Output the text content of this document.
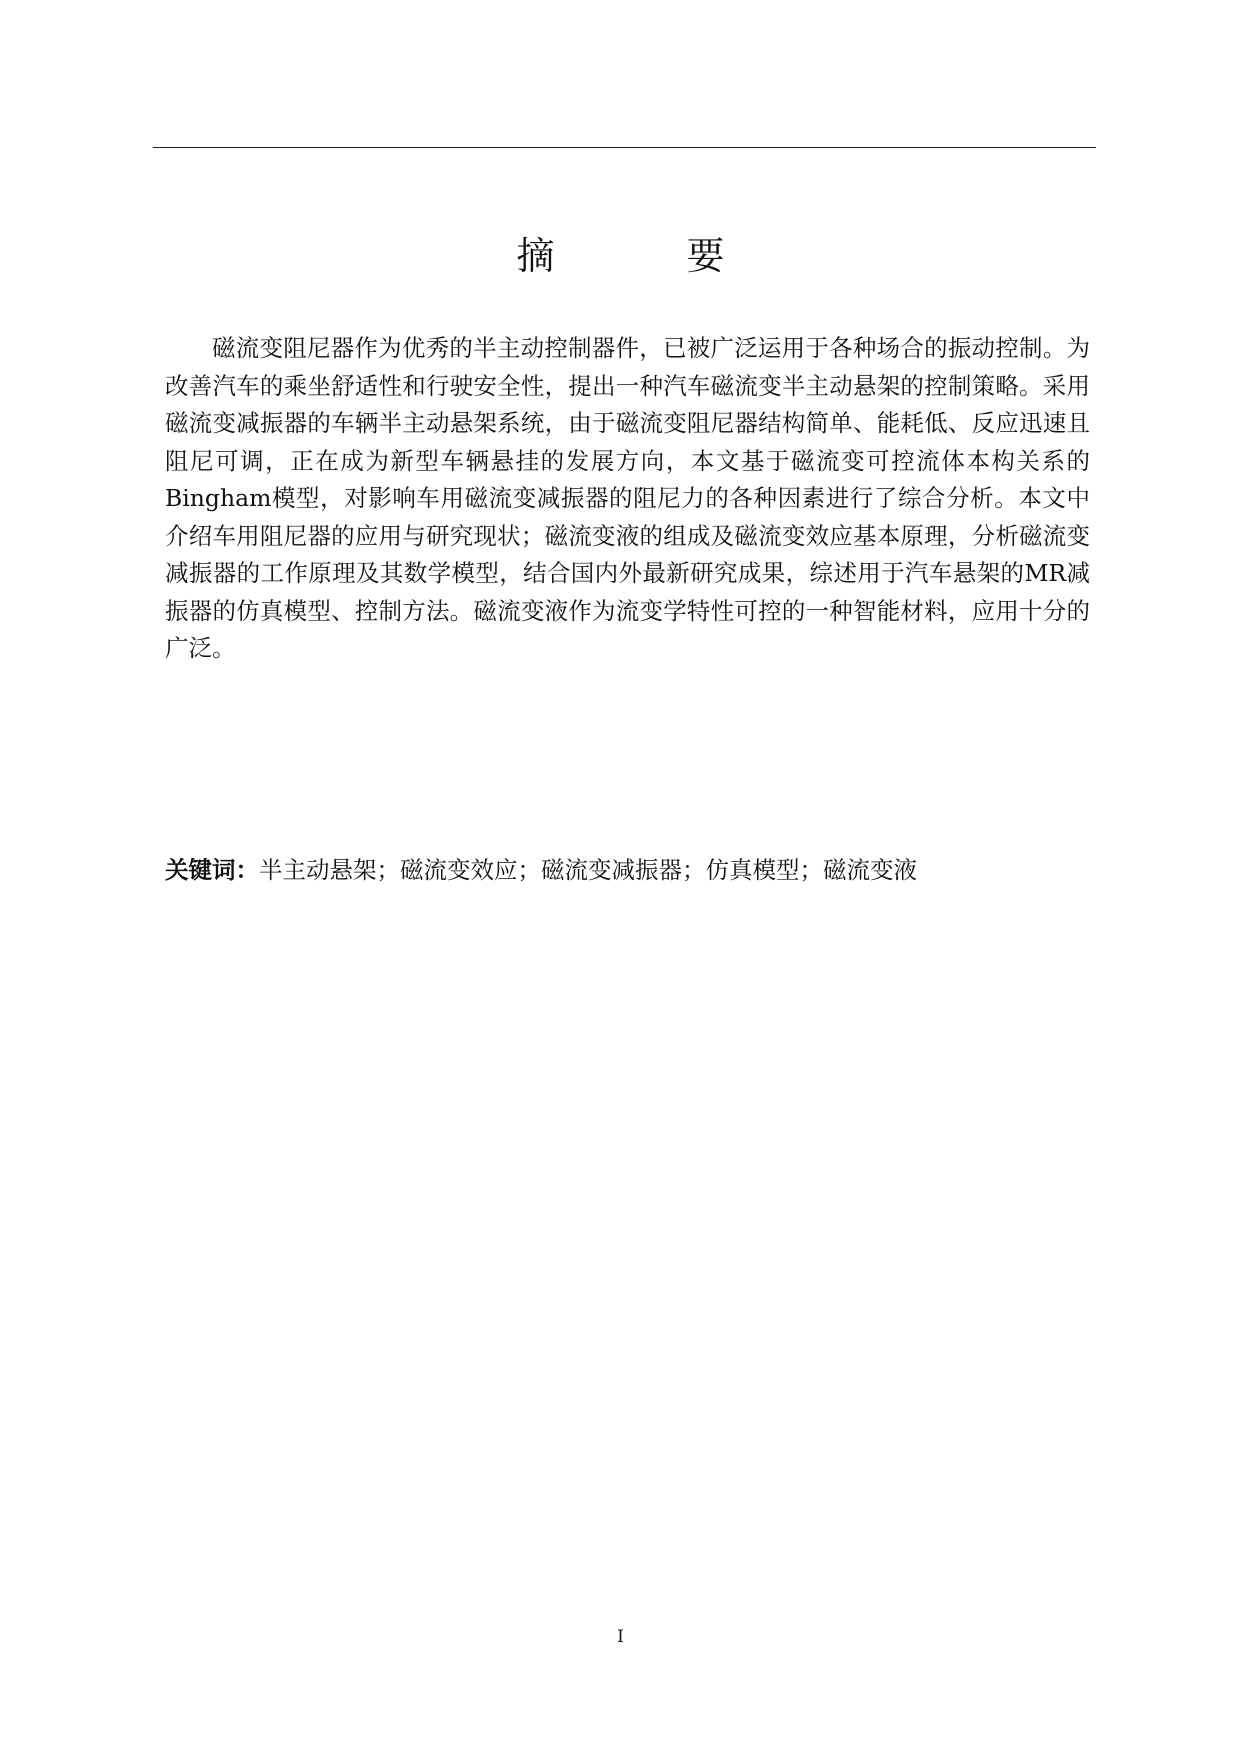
摘 要

磁流变阻尼器作为优秀的半主动控制器件，已被广泛运用于各种场合的振动控制。为改善汽车的乘坐舒适性和行驶安全性，提出一种汽车磁流变半主动悬架的控制策略。采用磁流变减振器的车辆半主动悬架系统，由于磁流变阻尼器结构简单、能耗低、反应迅速且阻尼可调，正在成为新型车辆悬挂的发展方向，本文基于磁流变可控流体本构关系的Bingham模型，对影响车用磁流变减振器的阻尼力的各种因素进行了综合分析。本文中介绍车用阻尼器的应用与研究现状；磁流变液的组成及磁流变效应基本原理，分析磁流变减振器的工作原理及其数学模型，结合国内外最新研究成果，综述用于汽车悬架的MR减振器的仿真模型、控制方法。磁流变液作为流变学特性可控的一种智能材料，应用十分的广泛。

关键词：半主动悬架；磁流变效应；磁流变减振器；仿真模型；磁流变液

I
